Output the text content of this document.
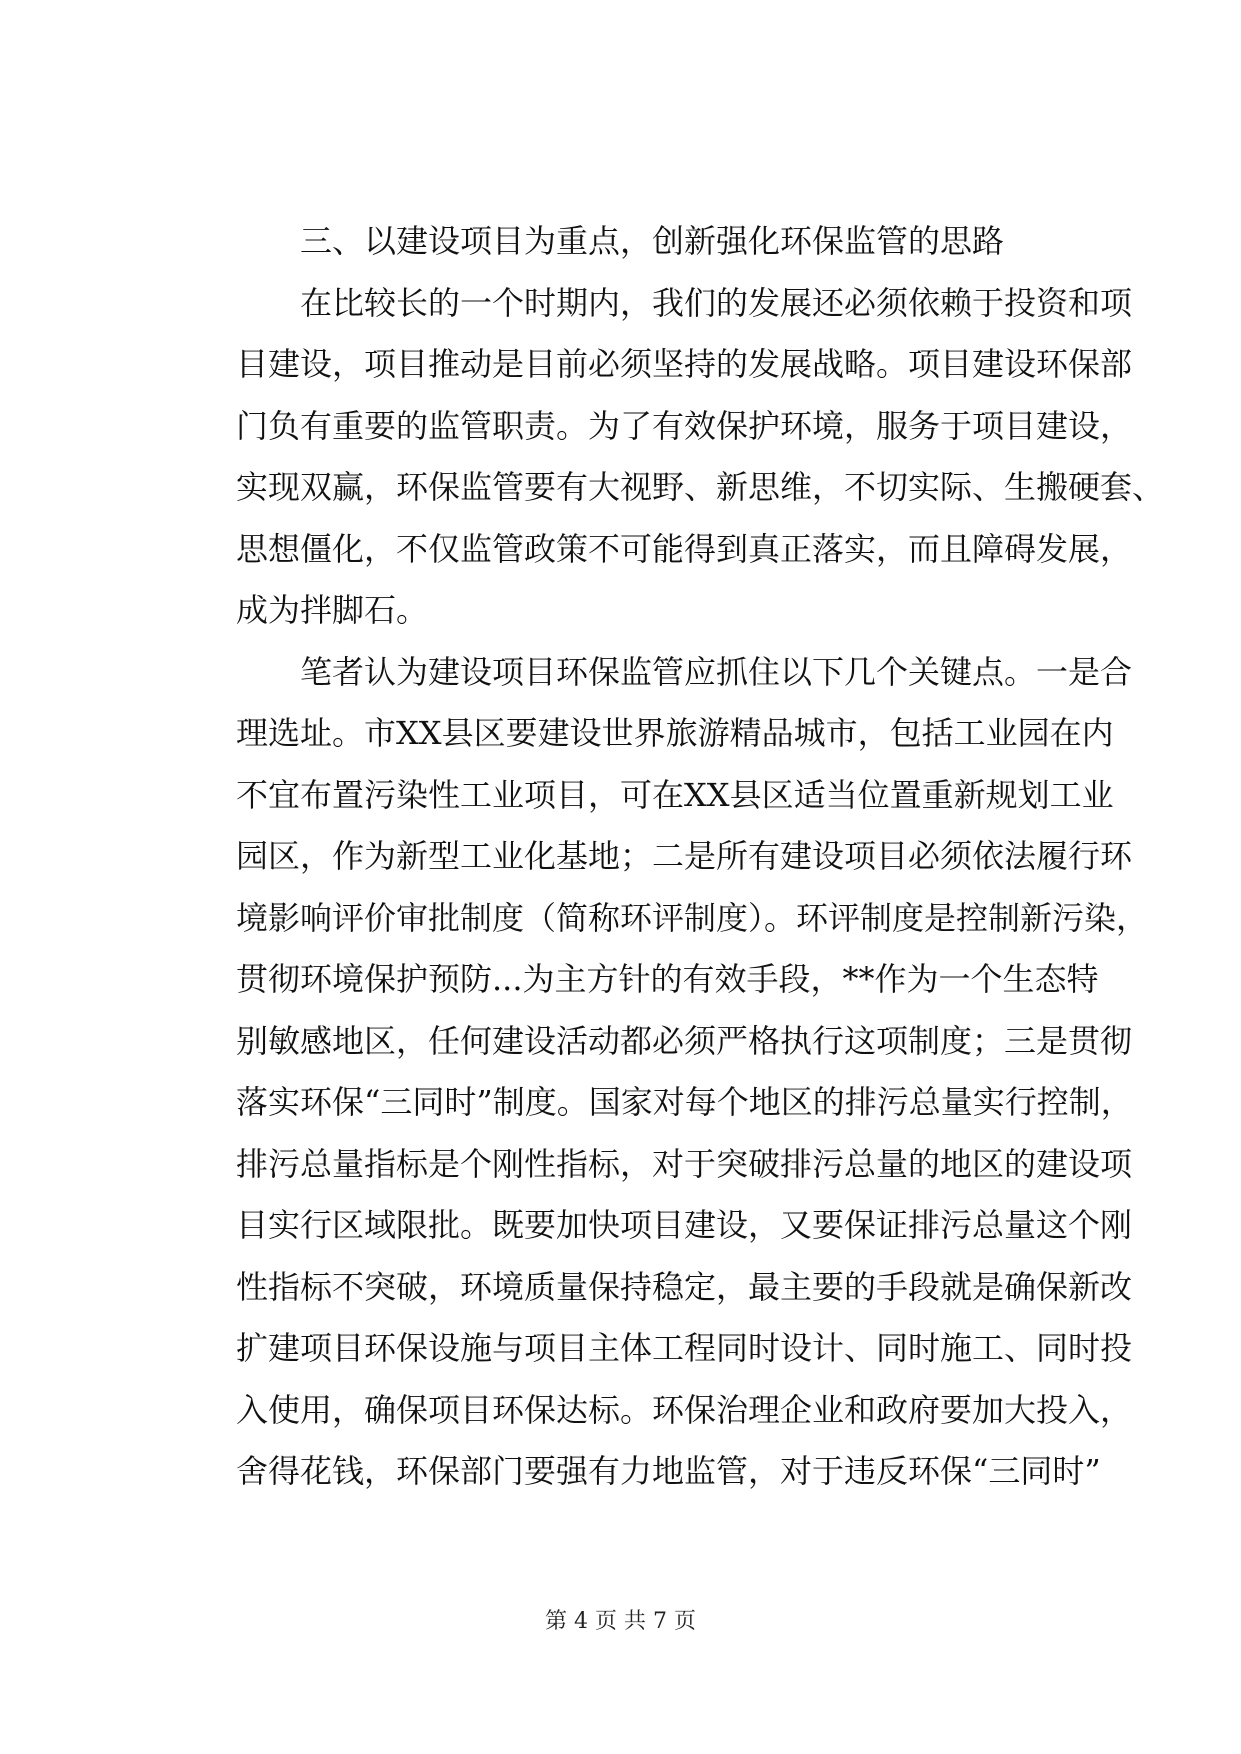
三、以建设项目为重点，创新强化环保监管的思路
在比较长的一个时期内，我们的发展还必须依赖于投资和项
目建设，项目推动是目前必须坚持的发展战略。项目建设环保部
门负有重要的监管职责。为了有效保护环境，服务于项目建设，
实现双赢，环保监管要有大视野、新思维，不切实际、生搬硬套、
思想僵化，不仅监管政策不可能得到真正落实，而且障碍发展，
成为拌脚石。
笔者认为建设项目环保监管应抓住以下几个关键点。一是合
理选址。市XX县区要建设世界旅游精品城市，包括工业园在内
不宜布置污染性工业项目，可在XX县区适当位置重新规划工业
园区，作为新型工业化基地；二是所有建设项目必须依法履行环
境影响评价审批制度（简称环评制度）。环评制度是控制新污染，
贯彻环境保护预防...为主方针的有效手段，**作为一个生态特
别敏感地区，任何建设活动都必须严格执行这项制度；三是贯彻
落实环保“三同时”制度。国家对每个地区的排污总量实行控制，
排污总量指标是个刚性指标，对于突破排污总量的地区的建设项
目实行区域限批。既要加快项目建设，又要保证排污总量这个刚
性指标不突破，环境质量保持稳定，最主要的手段就是确保新改
扩建项目环保设施与项目主体工程同时设计、同时施工、同时投
入使用，确保项目环保达标。环保治理企业和政府要加大投入，
舍得花钱，环保部门要强有力地监管，对于违反环保“三同时”
第 4 页 共 7 页
